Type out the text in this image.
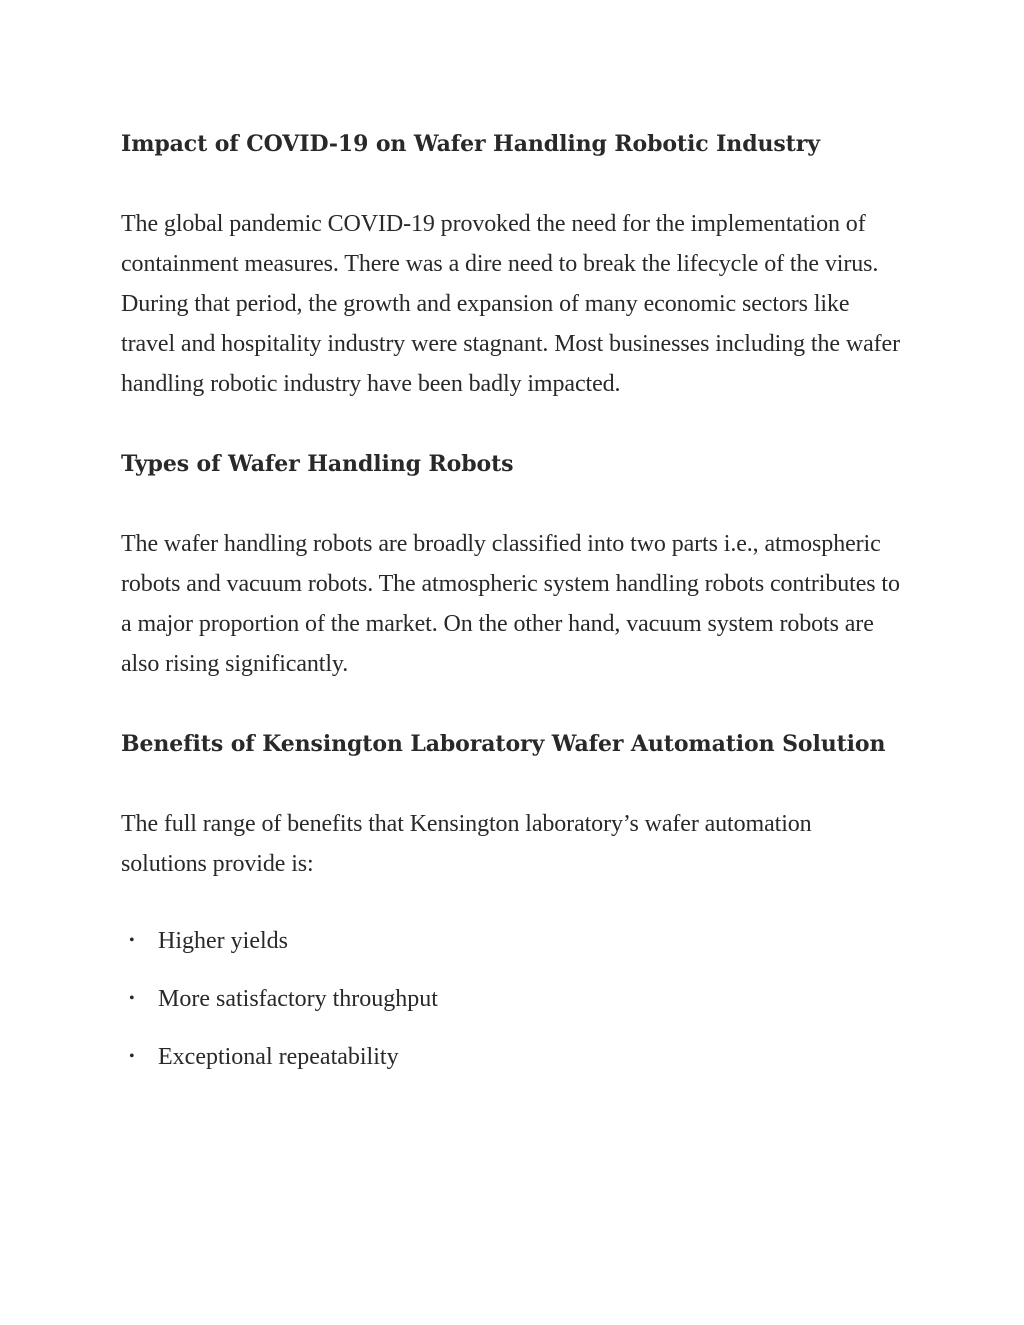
Impact of COVID-19 on Wafer Handling Robotic Industry

The global pandemic COVID-19 provoked the need for the implementation of containment measures. There was a dire need to break the lifecycle of the virus. During that period, the growth and expansion of many economic sectors like travel and hospitality industry were stagnant. Most businesses including the wafer handling robotic industry have been badly impacted.

Types of Wafer Handling Robots

The wafer handling robots are broadly classified into two parts i.e., atmospheric robots and vacuum robots. The atmospheric system handling robots contributes to a major proportion of the market. On the other hand, vacuum system robots are also rising significantly.

Benefits of Kensington Laboratory Wafer Automation Solution

The full range of benefits that Kensington laboratory’s wafer automation solutions provide is:

• Higher yields
• More satisfactory throughput
• Exceptional repeatability
